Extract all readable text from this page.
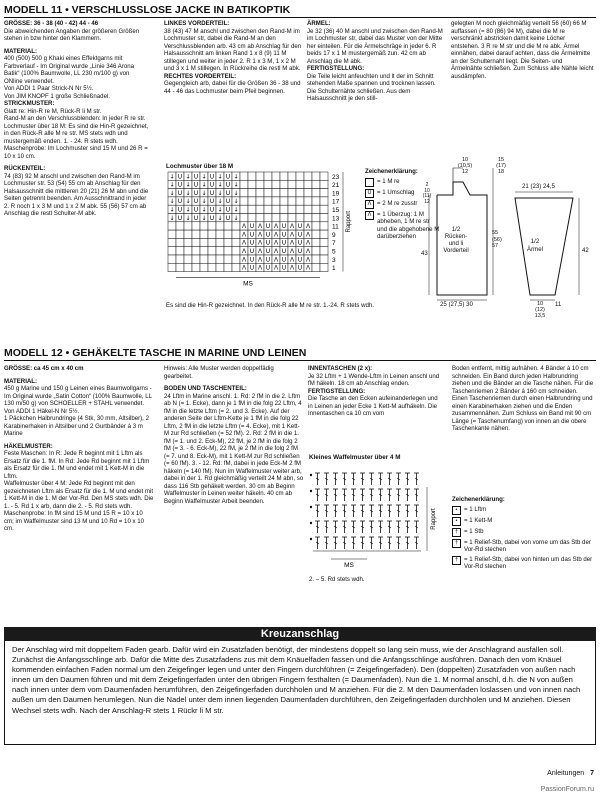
MODELL 11 • VERSCHLUSSLOSE JACKE IN BATIKOPTIK

GRÖSSE: 36 - 38 (40 - 42) 44 - 46

Die abweichenden Angaben der größeren Größen stehen in bzw hinter den Klammern.

MATERIAL:

400 (500) 500 g Khaki eines Effektgarns mit Farbverlauf - Im Original wurde „Linie 346 Arona Batik“ (100% Baumwolle, LL 230 m/100 g) von ONline verwendet.

Von ADDI 1 Paar Strick-N Nr 5½.

Von JIM KNOPF 1 große Schließnadel.

STRICKMUSTER:

Glatt re: Hin-R re M, Rück-R li M str.

Rand-M an den Verschlussblenden: In jeder R re str.

Lochmuster über 18 M: Es sind die Hin-R gezeichnet, in den Rück-R alle M re str. MS stets wdh und mustergemäß enden. 1. - 24. R stets wdh.

Maschenprobe: Im Lochmuster sind 15 M und 26 R = 10 x 10 cm.

RÜCKENTEIL:

74 (83) 92 M anschl und zwischen den Rand-M im Lochmuster str. 53 (54) 55 cm ab Anschlag für den Halsausschnitt die mittleren 20 (21) 26 M abn und die Seiten getrennt beenden. Am Ausschnittrand in jeder 2. R noch 1 x 3 M und 1 x 2 M abk. 55 (56) 57 cm ab Anschlag die restl Schulter-M abk.

LINKES VORDERTEIL:

38 (43) 47 M anschl und zwischen den Rand-M im Lochmuster str, dabei die Rand-M an den Verschlussblenden arb. 43 cm ab Anschlag für den Halsausschnitt am linken Rand 1 x 8 (9) 11 M stillegen und weiter in jeder 2. R 1 x 3 M, 1 x 2 M und 3 x 1 M stillegen. In Rückreihe die restl M abk.

RECHTES VORDERTEIL:

Gegengleich arb, dabei für die Größen 36 - 38 und 44 - 46 das Lochmuster beim Pfeil beginnen.

ÄRMEL:

Je 32 (36) 40 M anschl und zwischen den Rand-M im Lochmuster str, dabei das Muster von der Mitte her einteilen. Für die Ärmelschräge in jeder 6. R beids 17 x 1 M mustergemäß zun. 42 cm ab Anschlag die M abk.

FERTIGSTELLUNG:

Die Teile leicht anfeuchten und lt der im Schnitt stehenden Maße spannen und trocknen lassen. Die Schulternähte schließen. Aus dem Halsausschnitt je den still-

gelegten M noch gleichmäßig verteilt 56 (60) 66 M auffassen (= 80 (86) 94 M), dabei die M re verschränkt abstricken damit keine Löcher entstehen. 3 R re M str und die M re abk. Ärmel einnähen, dabei darauf achten, dass die Ärmelmitte an der Schulternaht liegt. Die Seiten- und Ärmelnähte schließen. Zum Schluss alle Nähte leicht ausdämpfen.

Lochmuster über 18 M
↓ U ↓ U ↓ U ↓ U ↓
↓ U ↓ U ↓ U ↓ U ↓
↓ U ↓ U ↓ U ↓ U ↓
↓ U ↓ U ↓ U ↓ U ↓
↓ U ↓ U ↓ U ↓ U ↓
↓ U ↓ U ↓ U ↓ U ↓
Λ U Λ U Λ U Λ U Λ
Λ U Λ U Λ U Λ U Λ
Λ U Λ U Λ U Λ U Λ
Λ U Λ U Λ U Λ U Λ
Λ U Λ U Λ U Λ U Λ
Λ U Λ U Λ U Λ U Λ
23
21
19
17
15
13
11
9
7
5
3
1
Rapport
MS
Es sind die Hin-R gezeichnet. In den Rück-R alle M re str. 1.-24. R stets wdh.
Zeichenerklärung:
= 1 M re
U = 1 Umschlag
Λ = 2 M re zusstr
Λ = 1 Überzug: 1 M abheben, 1 M re str und die abgehobene M darüberziehen
1/2
Rücken-
und li
Vorderteil
1/2
Ärmel
10
(10,5)
12
15
(17)
18
2
10
(11)
12
43
25 (27,5) 30
55
(56)
57
21 (23) 24,5
42
10
(12)
13,5
11
MODELL 12 • GEHÄKELTE TASCHE IN MARINE UND LEINEN

GRÖSSE: ca 45 cm x 40 cm

MATERIAL:

450 g Marine und 150 g Leinen eines Baumwollgarns - Im Original wurde „Satin Cotton“ (100% Baumwolle, LL 130 m/50 g) von SCHOELLER + STAHL verwendet.

Von ADDI 1 Häkel-N Nr 5½.

1 Päckchen Halbrundringe (4 Stk, 30 mm, Altsilber), 2 Karabinerhaken in Altsilber und 2 Gurtbänder á 3 m Marine

HÄKELMUSTER:

Feste Maschen: In R: Jede R beginnt mit 1 Lftm als Ersatz für die 1. fM. In Rd: Jede Rd beginnt mit 1 Lftm als Ersatz für die 1. fM und endet mit 1 Kett-M in die Lftm.

Waffelmuster über 4 M: Jede Rd beginnt mit den gezeichneten Lftm als Ersatz für die 1. M und endet mit 1 Kett-M in die 1. M der Vor-Rd. Den MS stets wdh. Die 1. - 5. Rd 1 x arb, dann die 2. - 5. Rd stets wdh.

Maschenprobe: In fM sind 15 M und 15 R = 10 x 10 cm; im Waffelmuster sind 13 M und 10 Rd = 10 x 10 cm.

Hinweis: Alle Muster werden doppelfädig gearbeitet.

BODEN UND TASCHENTEIL:

24 Lftm in Marine anschl. 1. Rd: 2 fM in die 2. Lftm ab N (= 1. Ecke), dann je 1 fM in die folg 22 Lftm, 4 fM in die letzte Lftm (= 2. und 3. Ecke). Auf der anderen Seite der Lftm-Kette je 1 fM in die folg 22 Lftm, 2 fM in die letzte Lftm (= 4. Ecke), mit 1 Kett-M zur Rd schließen (= 52 fM). 2. Rd: 2 fM in die 1. fM (= 1. und 2. Eck-M), 22 fM, je 2 fM in die folg 2 fM (= 3. - 6. Eck-M), 22 fM, je 2 fM in die folg 2 fM (= 7. und 8. Eck-M), mit 1 Kett-M zur Rd schließen (= 60 fM). 3. - 12. Rd: fM, dabei in jede Eck-M 2 fM häkeln (= 140 fM). Nun im Waffelmuster weiter arb, dabei in der 1. Rd gleichmäßig verteilt 24 M abn, so dass 116 Stb gehäkelt werden. 30 cm ab Beginn Waffelmuster in Leinen weiter häkeln. 40 cm ab Beginn Waffelmuster Arbeit beenden.

INNENTASCHEN (2 x):

Je 32 Lftm + 1 Wende-Lftm in Leinen anschl und fM häkeln. 18 cm ab Anschlag enden.

FERTIGSTELLUNG:

Die Tasche an den Ecken aufeinanderlegen und in Leinen an jeder Ecke 1 Kett-M aufhäkeln. Die Innentaschen ca 10 cm vom

Boden entfernt, mittig aufnähen. 4 Bänder à 10 cm schneiden. Ein Band durch jeden Halbrundring ziehen und die Bänder an die Tasche nähen. Für die Taschenriemen 2 Bänder á 160 cm schneiden. Einen Taschenriemen durch einen Halbrundring und einen Karabinerhaken ziehen und die Enden zusammennähen. Zum Schluss ein Band mit 90 cm Länge (= Taschenumfang) von innen an die obere Taschenkante nähen.

Kleines Waffelmuster über 4 M
Rapport
MS
2. – 5. Rd stets wdh.
Zeichenerklärung:
•	= 1 Lftm
•	= 1 Kett-M
† = 1 Stb
† = 1 Relief-Stb, dabei von vorne um das Stb der Vor-Rd stechen
† = 1 Relief-Stb, dabei von hinten um das Stb der Vor-Rd stechen
Kreuzanschlag
Der Anschlag wird mit doppeltem Faden gearb. Dafür wird ein Zusatzfaden benötigt, der mindestens doppelt so lang sein muss, wie der Anschlagrand ausfallen soll. Zunächst die Anfangsschlinge arb. Dafür die Mitte des Zusatzfadens zus mit dem Knäuelfaden fassen und die Anfangsschlinge ausführen. Danach den vom Knäuel kommenden einfachen Faden normal um den Zeigefinger legen und unter den Fingern durchführen (= Zeigefingerfaden). Den (doppelten) Zusatzfaden von außen nach innen um den Daumen führen und mit dem Zeigefingerfaden unter den übrigen Fingern festhalten (= Daumenfaden). Nun die 1. M normal anschl, d.h. die N von außen nach innen unter dem vom Daumenfaden herumführen, den Zeigefingerfaden durchholen und M anziehen. Für die 2. M den Daumenfaden loslassen und von innen nach außen um den Daumen herumlegen. Nun die Nadel unter dem innen liegenden Daumenfaden durchführen, den Zeigefingerfaden durchholen und M anziehen. Diesen Wechsel stets wdh. Nach der Anschlag-R stets 1 Rückr li M str.
Anleitungen 7
PassionForum.ru
